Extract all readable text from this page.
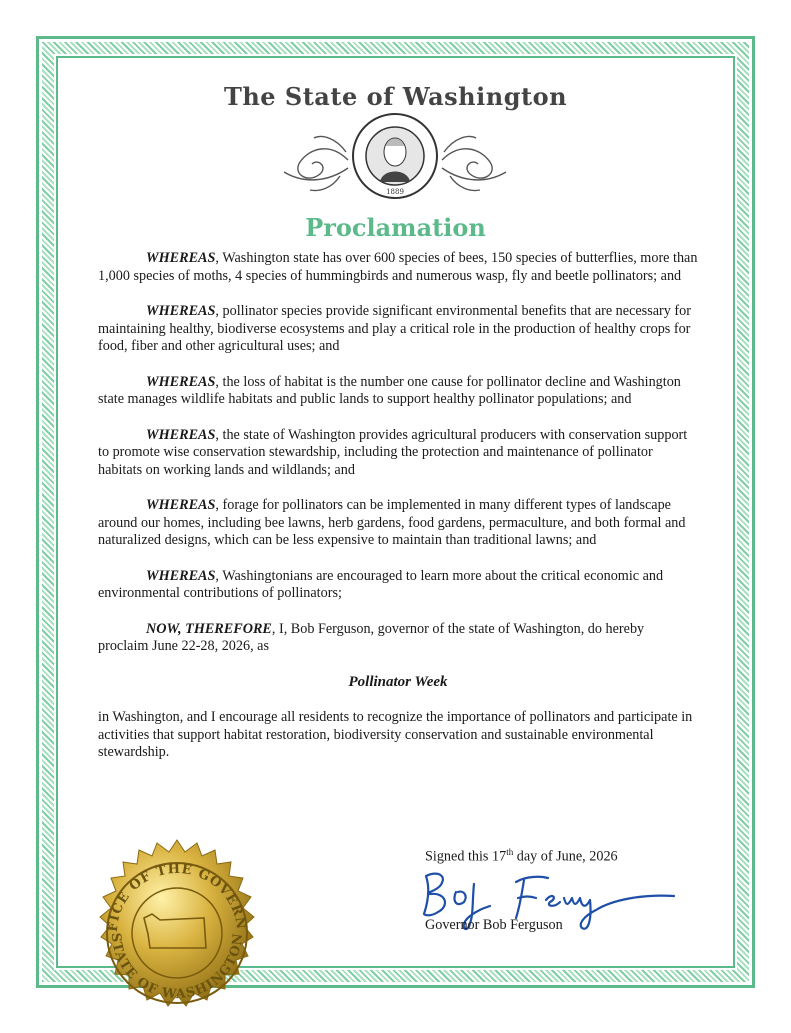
The State of Washington
1889
Proclamation

WHEREAS, Washington state has over 600 species of bees, 150 species of butterflies, more than 1,000 species of moths, 4 species of hummingbirds and numerous wasp, fly and beetle pollinators; and

WHEREAS, pollinator species provide significant environmental benefits that are necessary for maintaining healthy, biodiverse ecosystems and play a critical role in the production of healthy crops for food, fiber and other agricultural uses; and

WHEREAS, the loss of habitat is the number one cause for pollinator decline and Washington state manages wildlife habitats and public lands to support healthy pollinator populations; and

WHEREAS, the state of Washington provides agricultural producers with conservation support to promote wise conservation stewardship, including the protection and maintenance of pollinator habitats on working lands and wildlands; and

WHEREAS, forage for pollinators can be implemented in many different types of landscape around our homes, including bee lawns, herb gardens, food gardens, permaculture, and both formal and naturalized designs, which can be less expensive to maintain than traditional lawns; and

WHEREAS, Washingtonians are encouraged to learn more about the critical economic and environmental contributions of pollinators;

NOW, THEREFORE, I, Bob Ferguson, governor of the state of Washington, do hereby proclaim June 22-28, 2026, as

Pollinator Week

in Washington, and I encourage all residents to recognize the importance of pollinators and participate in activities that support habitat restoration, biodiversity conservation and sustainable environmental stewardship.

Signed this 17th day of June, 2026
Bob Ferguson
Governor Bob Ferguson
FICE OF THE GOVERN
STATE OF WASHINGTON
